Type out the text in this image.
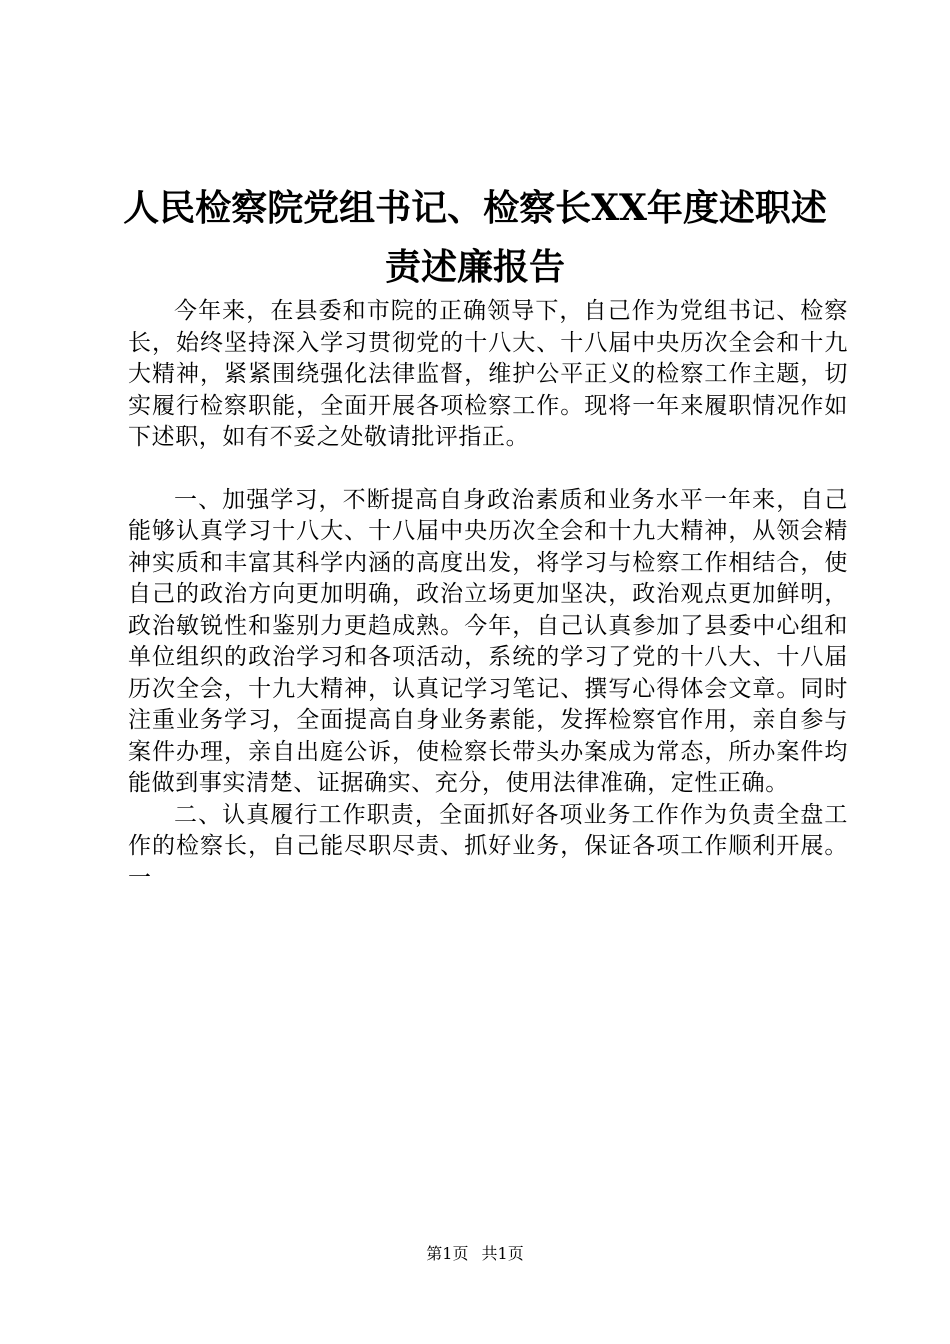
人民检察院党组书记、检察长XX年度述职述
责述廉报告

今年来，在县委和市院的正确领导下，自己作为党组书记、检察长，始终坚持深入学习贯彻党的十八大、十八届中央历次全会和十九大精神，紧紧围绕强化法律监督，维护公平正义的检察工作主题，切实履行检察职能，全面开展各项检察工作。现将一年来履职情况作如下述职，如有不妥之处敬请批评指正。

一、加强学习，不断提高自身政治素质和业务水平一年来，自己能够认真学习十八大、十八届中央历次全会和十九大精神，从领会精神实质和丰富其科学内涵的高度出发，将学习与检察工作相结合，使自己的政治方向更加明确，政治立场更加坚决，政治观点更加鲜明，政治敏锐性和鉴别力更趋成熟。今年，自己认真参加了县委中心组和单位组织的政治学习和各项活动，系统的学习了党的十八大、十八届历次全会，十九大精神，认真记学习笔记、撰写心得体会文章。同时注重业务学习，全面提高自身业务素能，发挥检察官作用，亲自参与案件办理，亲自出庭公诉，使检察长带头办案成为常态，所办案件均能做到事实清楚、证据确实、充分，使用法律准确，定性正确。

二、认真履行工作职责，全面抓好各项业务工作作为负责全盘工作的检察长，自己能尽职尽责、抓好业务，保证各项工作顺利开展。一

第1页 共1页
